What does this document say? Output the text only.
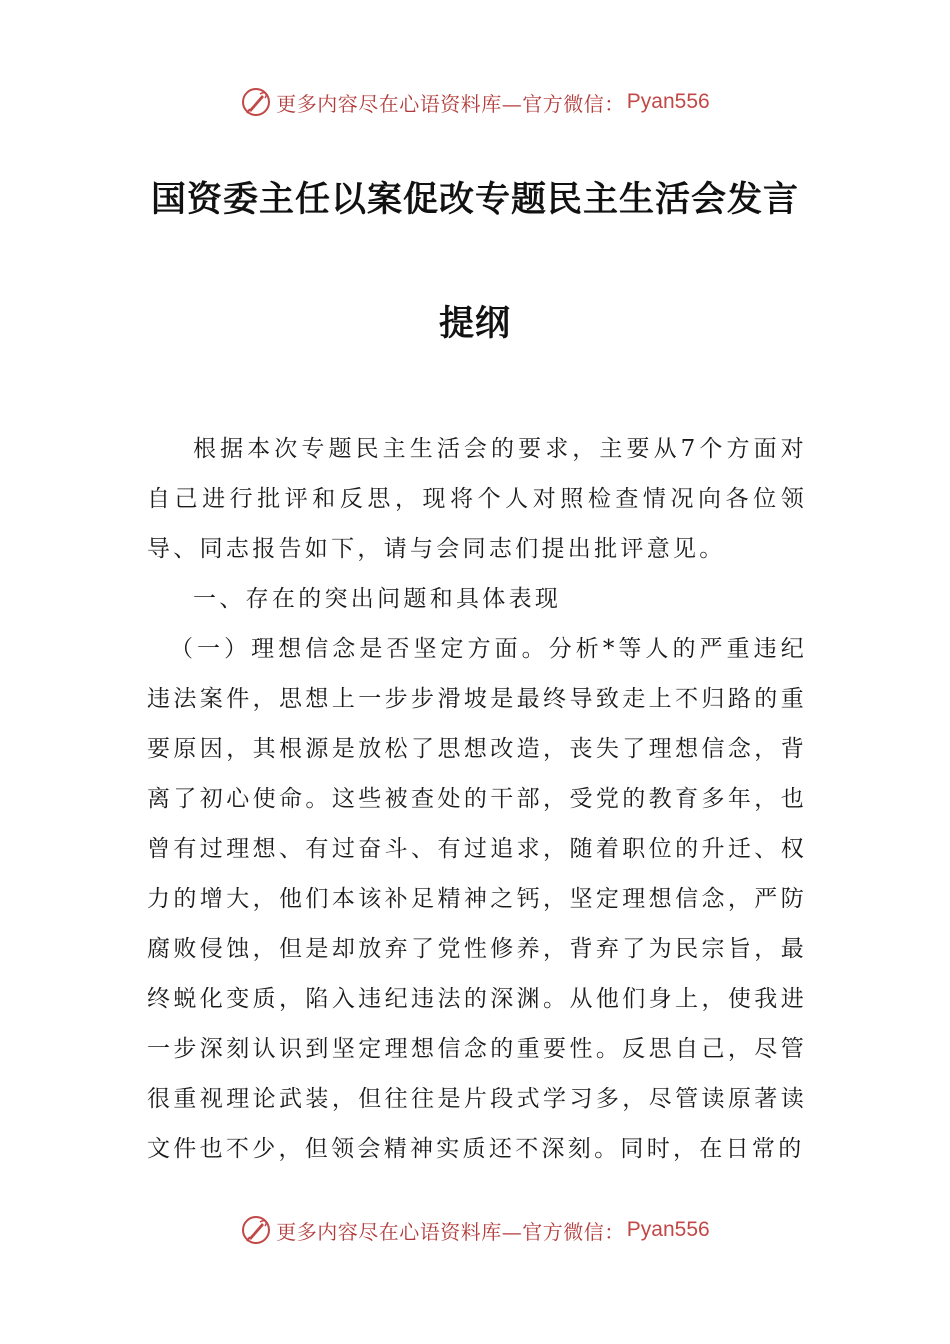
更多内容尽在心语资料库—官方微信： Pyan556
国资委主任以案促改专题民主生活会发言
提纲

根据本次专题民主生活会的要求，主要从7个方面对自己进行批评和反思，现将个人对照检查情况向各位领导、同志报告如下，请与会同志们提出批评意见。

一、存在的突出问题和具体表现

（一）理想信念是否坚定方面。分析*等人的严重违纪违法案件，思想上一步步滑坡是最终导致走上不归路的重要原因，其根源是放松了思想改造，丧失了理想信念，背离了初心使命。这些被查处的干部，受党的教育多年，也曾有过理想、有过奋斗、有过追求，随着职位的升迁、权力的增大，他们本该补足精神之钙，坚定理想信念，严防腐败侵蚀，但是却放弃了党性修养，背弃了为民宗旨，最终蜕化变质，陷入违纪违法的深渊。从他们身上，使我进一步深刻认识到坚定理想信念的重要性。反思自己，尽管很重视理论武装，但往往是片段式学习多，尽管读原著读文件也不少，但领会精神实质还不深刻。同时，在日常的

更多内容尽在心语资料库—官方微信： Pyan556
